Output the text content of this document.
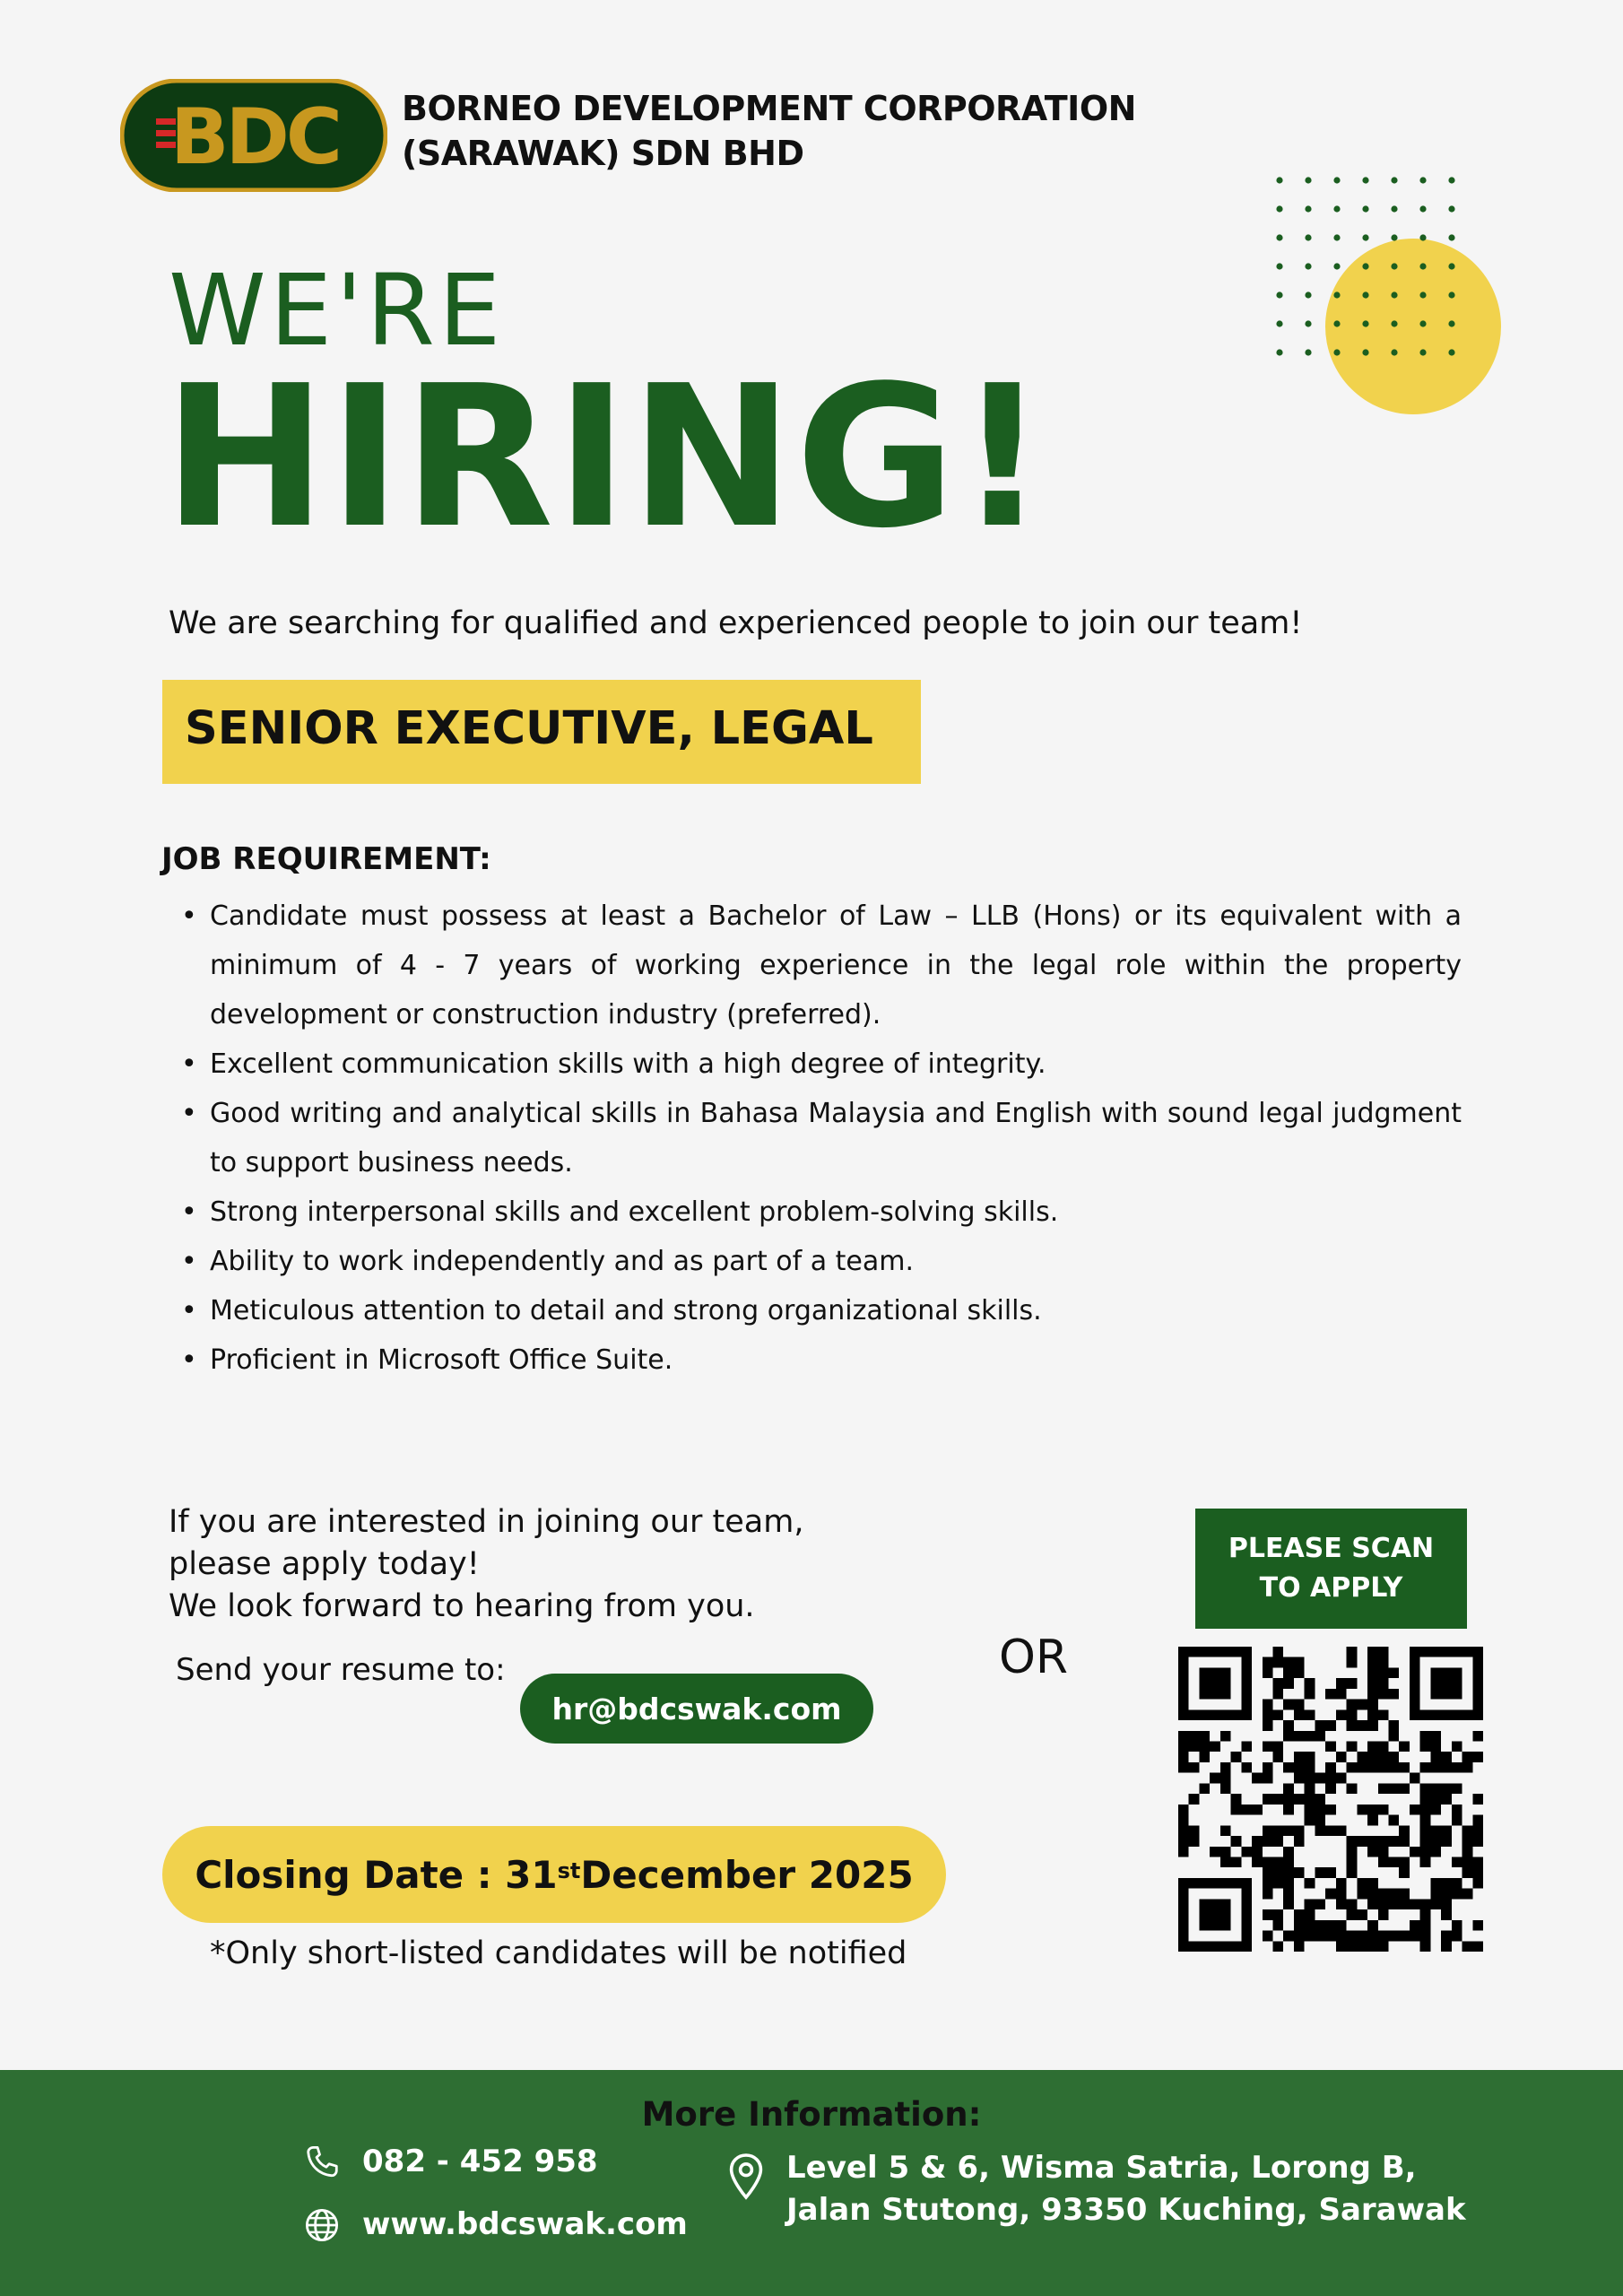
BDC BORNEO DEVELOPMENT CORPORATION
(SARAWAK) SDN BHD
WE'RE
HIRING!
We are searching for qualified and experienced people to join our team!
SENIOR EXECUTIVE, LEGAL
JOB REQUIREMENT:
• Candidate must possess at least a Bachelor of Law – LLB (Hons) or its equivalent with a minimum of 4 - 7 years of working experience in the legal role within the property development or construction industry (preferred).
• Excellent communication skills with a high degree of integrity.
• Good writing and analytical skills in Bahasa Malaysia and English with sound legal judgment to support business needs.
• Strong interpersonal skills and excellent problem-solving skills.
• Ability to work independently and as part of a team.
• Meticulous attention to detail and strong organizational skills.
• Proficient in Microsoft Office Suite.
If you are interested in joining our team,
please apply today!
We look forward to hearing from you.
Send your resume to:
hr@bdcswak.com
OR
PLEASE SCAN
TO APPLY
Closing Date : 31st December 2025
*Only short-listed candidates will be notified
More Information:
082 - 452 958
www.bdcswak.com
Level 5 & 6, Wisma Satria, Lorong B,
Jalan Stutong, 93350 Kuching, Sarawak
